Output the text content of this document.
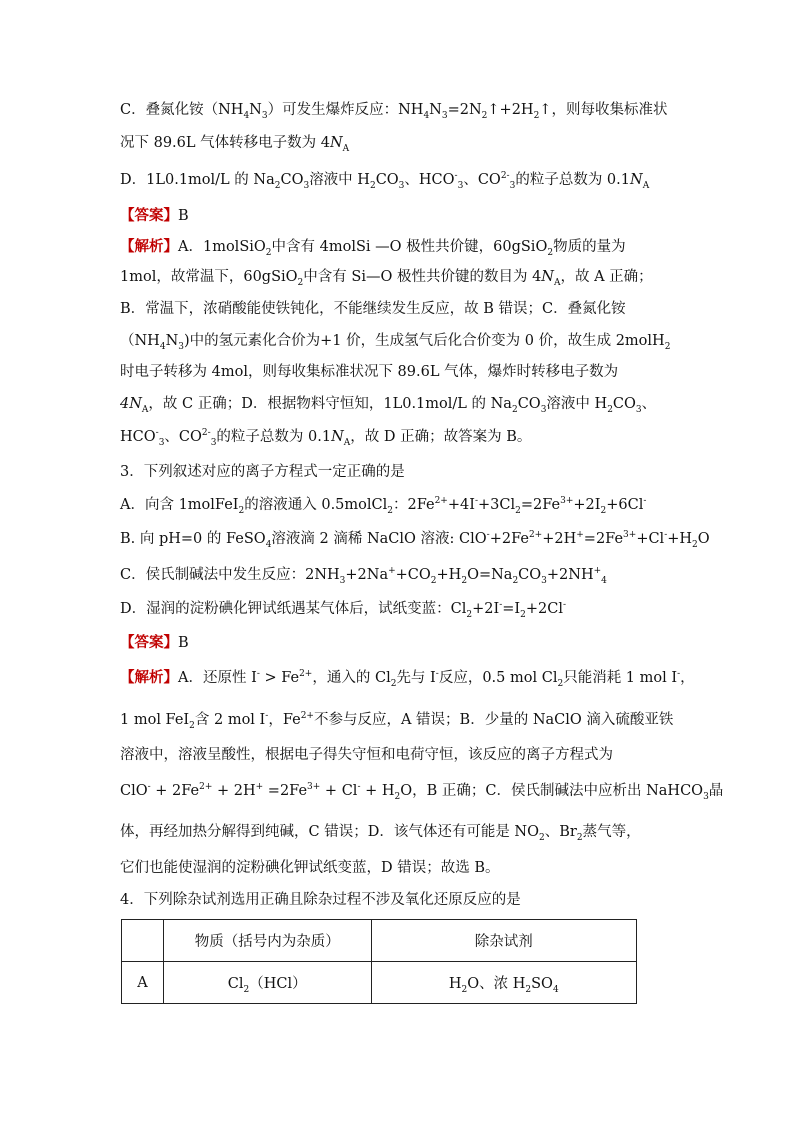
C．叠氮化铵$(NH_4N_3)$可发生爆炸反应：$NH_4N_3=2N_2↑+2H_2↑$，则每收集标准状
况下 89.6L 气体转移电子数为 $4N_A$
D．1L0.1mol/L 的 $Na_2CO_3$溶液中 $H_2CO_3$、$HCO^-_3$、$CO^{2-}_3$的粒子总数为 $0.1N_A$
【答案】B
【解析】A．1molSiO$_2$中含有 4molSi —O 极性共价键，60gSiO$_2$物质的量为
1mol，故常温下，60gSiO$_2$中含有 Si—O 极性共价键的数目为 $4N_A$，故 A 正确；
B．常温下，浓硝酸能使铁钝化，不能继续发生反应，故 B 错误；C．叠氮化铵
$(NH_4N_3)$中的氢元素化合价为+1 价，生成氢气后化合价变为 0 价，故生成 2molH$_2$
时电子转移为 4mol，则每收集标准状况下 89.6L 气体，爆炸时转移电子数为
$4N_A$，故 C 正确；D．根据物料守恒知，1L0.1mol/L 的 $Na_2CO_3$溶液中 $H_2CO_3$、
$HCO^-_3$、$CO^{2-}_3$的粒子总数为 $0.1N_A$，故 D 正确；故答案为 B。
3．下列叙述对应的离子方程式一定正确的是
A．向含 1molFeI$_2$的溶液通入 0.5molCl$_2$：$2Fe^{2+}+4I^-+3Cl_2=2Fe^{3+}+2I_2+6Cl^-$
B. 向 pH=0 的 FeSO$_4$溶液滴 2 滴稀 NaClO 溶液: $ClO^-+2Fe^{2+}+2H^+=2Fe^{3+}+Cl^-+H_2O$
C．侯氏制碱法中发生反应：$2NH_3+2Na^++CO_2+H_2O=Na_2CO_3+2NH^+_4$
D．湿润的淀粉碘化钾试纸遇某气体后，试纸变蓝：$Cl_2+2I^-=I_2+2Cl^-$
【答案】B
【解析】A．还原性 $I^- > Fe^{2+}$，通入的 $Cl_2$先与 I-反应，0.5 mol $Cl_2$只能消耗 1 mol I-，
1 mol FeI$_2$含 2 mol I-，$Fe^{2+}$不参与反应，A 错误；B．少量的 NaClO 滴入硫酸亚铁
溶液中，溶液呈酸性，根据电子得失守恒和电荷守恒，该反应的离子方程式为
$ClO^- + 2Fe^{2+} + 2H^+ =2Fe^{3+} + Cl^- + H_2O$，B 正确；C．侯氏制碱法中应析出 NaHCO$_3$晶
体，再经加热分解得到纯碱，C 错误；D．该气体还有可能是 $NO_2$、$Br_2$蒸气等，
它们也能使湿润的淀粉碘化钾试纸变蓝，D 错误；故选 B。
4．下列除杂试剂选用正确且除杂过程不涉及氧化还原反应的是
	物质（括号内为杂质）	除杂试剂
A	$Cl_2(HCl)$	$H_2O$、浓 $H_2SO_4$
